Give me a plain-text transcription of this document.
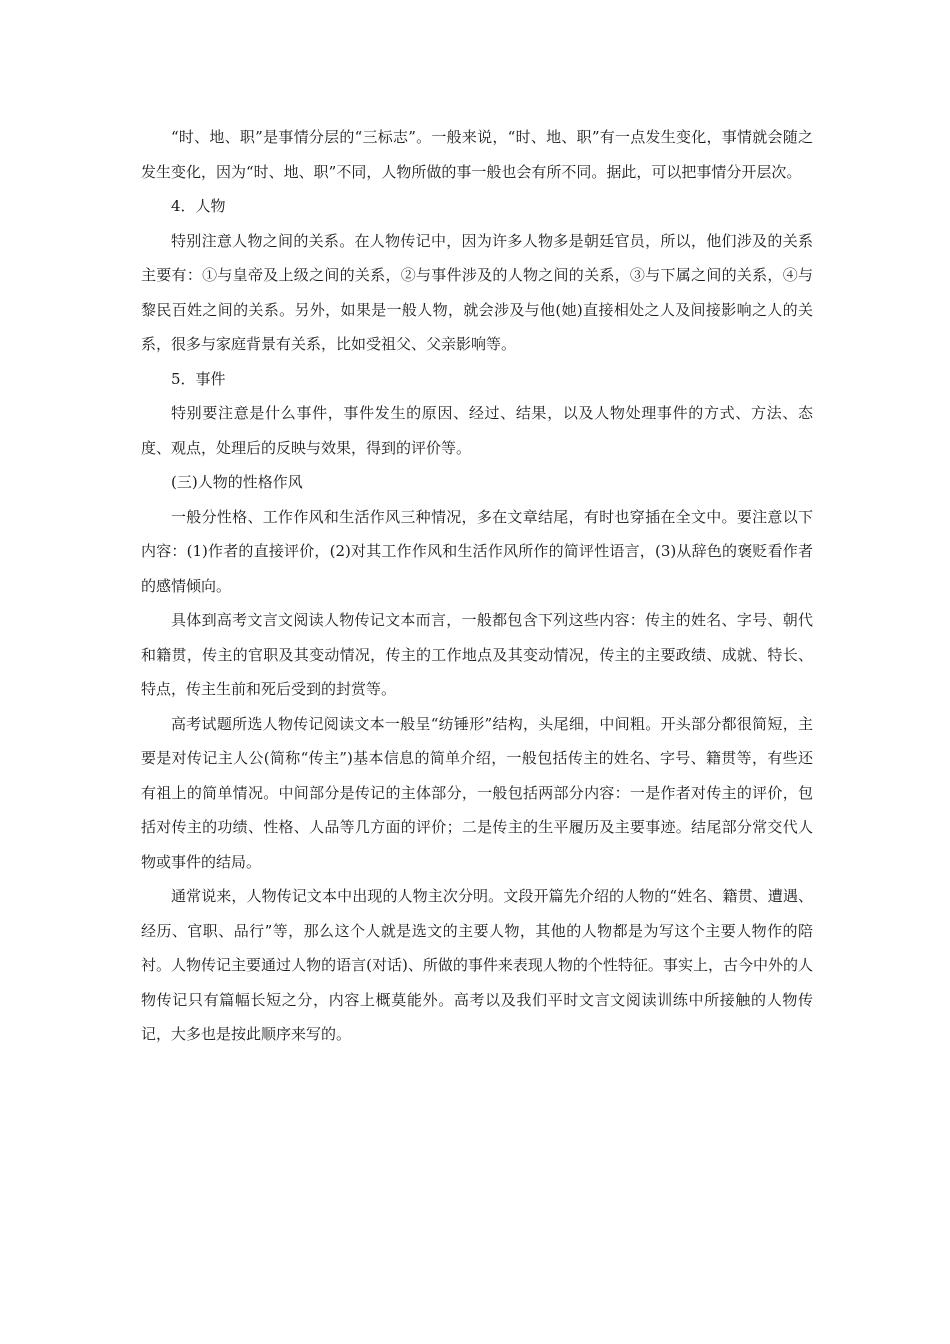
“时、地、职”是事情分层的“三标志”。一般来说，“时、地、职”有一点发生变化，事情就会随之发生变化，因为“时、地、职”不同，人物所做的事一般也会有所不同。据此，可以把事情分开层次。

4．人物

特别注意人物之间的关系。在人物传记中，因为许多人物多是朝廷官员，所以，他们涉及的关系主要有：①与皇帝及上级之间的关系，②与事件涉及的人物之间的关系，③与下属之间的关系，④与黎民百姓之间的关系。另外，如果是一般人物，就会涉及与他(她)直接相处之人及间接影响之人的关系，很多与家庭背景有关系，比如受祖父、父亲影响等。

5．事件

特别要注意是什么事件，事件发生的原因、经过、结果，以及人物处理事件的方式、方法、态度、观点，处理后的反映与效果，得到的评价等。

(三)人物的性格作风

一般分性格、工作作风和生活作风三种情况，多在文章结尾，有时也穿插在全文中。要注意以下内容：(1)作者的直接评价，(2)对其工作作风和生活作风所作的简评性语言，(3)从辞色的褒贬看作者的感情倾向。

具体到高考文言文阅读人物传记文本而言，一般都包含下列这些内容：传主的姓名、字号、朝代和籍贯，传主的官职及其变动情况，传主的工作地点及其变动情况，传主的主要政绩、成就、特长、特点，传主生前和死后受到的封赏等。

高考试题所选人物传记阅读文本一般呈“纺锤形”结构，头尾细，中间粗。开头部分都很简短，主要是对传记主人公(简称“传主”)基本信息的简单介绍，一般包括传主的姓名、字号、籍贯等，有些还有祖上的简单情况。中间部分是传记的主体部分，一般包括两部分内容：一是作者对传主的评价，包括对传主的功绩、性格、人品等几方面的评价；二是传主的生平履历及主要事迹。结尾部分常交代人物或事件的结局。

通常说来，人物传记文本中出现的人物主次分明。文段开篇先介绍的人物的“姓名、籍贯、遭遇、经历、官职、品行”等，那么这个人就是选文的主要人物，其他的人物都是为写这个主要人物作的陪衬。人物传记主要通过人物的语言(对话)、所做的事件来表现人物的个性特征。事实上，古今中外的人物传记只有篇幅长短之分，内容上概莫能外。高考以及我们平时文言文阅读训练中所接触的人物传记，大多也是按此顺序来写的。
